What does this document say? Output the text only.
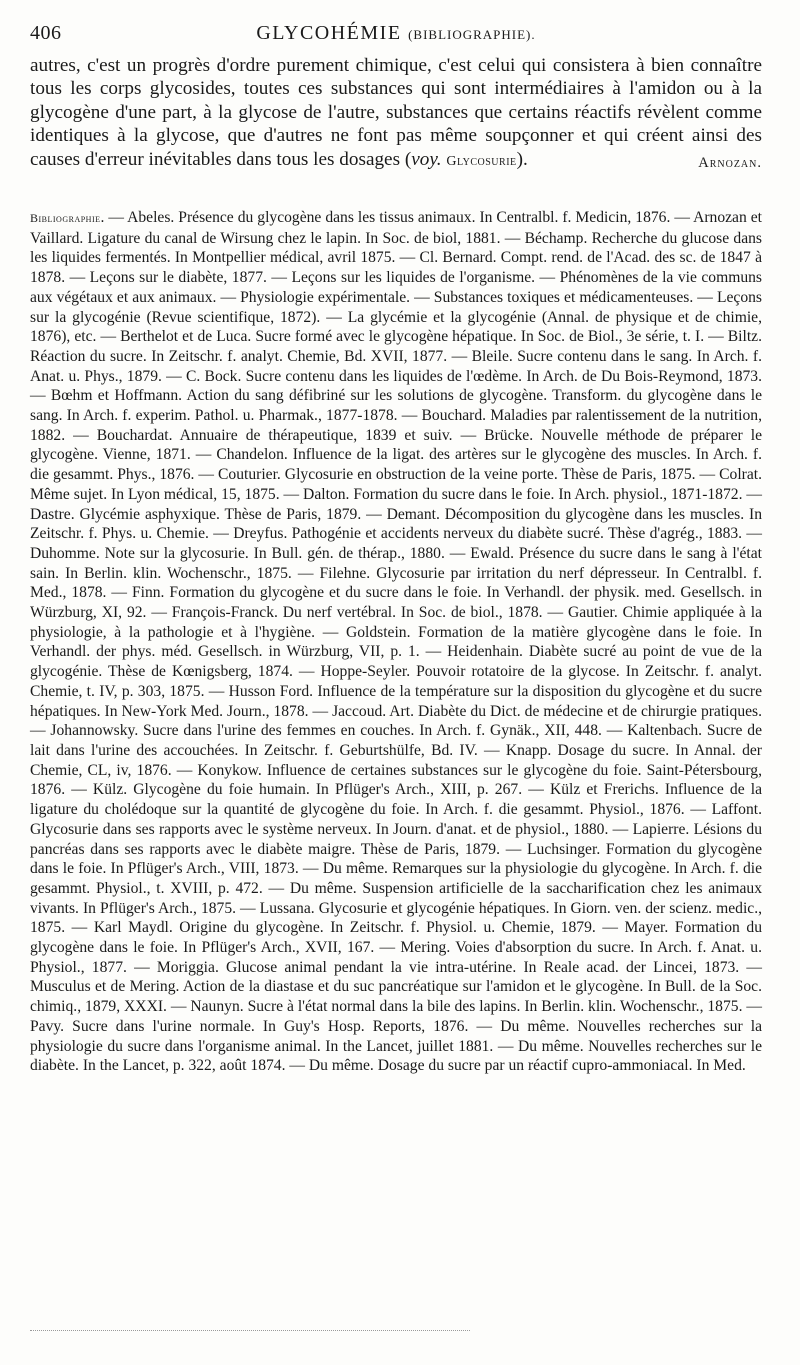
406	GLYCOHÉMIE (BIBLIOGRAPHIE).
autres, c'est un progrès d'ordre purement chimique, c'est celui qui consistera à bien connaître tous les corps glycosides, toutes ces substances qui sont intermédiaires à l'amidon ou à la glycogène d'une part, à la glycose de l'autre, substances que certains réactifs révèlent comme identiques à la glycose, que d'autres ne font pas même soupçonner et qui créent ainsi des causes d'erreur inévitables dans tous les dosages (voy. Glycosurie).	Arnozan.

Bibliographie. — Abeles. Présence du glycogène dans les tissus animaux. In Centralbl. f. Medicin, 1876. — Arnozan et Vaillard. Ligature du canal de Wirsung chez le lapin. In Soc. de biol, 1881. — Béchamp. Recherche du glucose dans les liquides fermentés. In Montpellier médical, avril 1875. — Cl. Bernard. Compt. rend. de l'Acad. des sc. de 1847 à 1878. — Leçons sur le diabète, 1877. — Leçons sur les liquides de l'organisme. — Phénomènes de la vie communs aux végétaux et aux animaux. — Physiologie expérimentale. — Substances toxiques et médicamenteuses. — Leçons sur la glycogénie (Revue scientifique, 1872). — La glycémie et la glycogénie (Annal. de physique et de chimie, 1876), etc. — Berthelot et de Luca. Sucre formé avec le glycogène hépatique. In Soc. de Biol., 3e série, t. I. — Biltz. Réaction du sucre. In Zeitschr. f. analyt. Chemie, Bd. XVII, 1877. — Bleile. Sucre contenu dans le sang. In Arch. f. Anat. u. Phys., 1879. — C. Bock. Sucre contenu dans les liquides de l'œdème. In Arch. de Du Bois-Reymond, 1873. — Bœhm et Hoffmann. Action du sang défibriné sur les solutions de glycogène. Transform. du glycogène dans le sang. In Arch. f. experim. Pathol. u. Pharmak., 1877-1878. — Bouchard. Maladies par ralentissement de la nutrition, 1882. — Bouchardat. Annuaire de thérapeutique, 1839 et suiv. — Brücke. Nouvelle méthode de préparer le glycogène. Vienne, 1871. — Chandelon. Influence de la ligat. des artères sur le glycogène des muscles. In Arch. f. die gesammt. Phys., 1876. — Couturier. Glycosurie en obstruction de la veine porte. Thèse de Paris, 1875. — Colrat. Même sujet. In Lyon médical, 15, 1875. — Dalton. Formation du sucre dans le foie. In Arch. physiol., 1871-1872. — Dastre. Glycémie asphyxique. Thèse de Paris, 1879. — Demant. Décomposition du glycogène dans les muscles. In Zeitschr. f. Phys. u. Chemie. — Dreyfus. Pathogénie et accidents nerveux du diabète sucré. Thèse d'agrég., 1883. — Duhomme. Note sur la glycosurie. In Bull. gén. de thérap., 1880. — Ewald. Présence du sucre dans le sang à l'état sain. In Berlin. klin. Wochenschr., 1875. — Filehne. Glycosurie par irritation du nerf dépresseur. In Centralbl. f. Med., 1878. — Finn. Formation du glycogène et du sucre dans le foie. In Verhandl. der physik. med. Gesellsch. in Würzburg, XI, 92. — François-Franck. Du nerf vertébral. In Soc. de biol., 1878. — Gautier. Chimie appliquée à la physiologie, à la pathologie et à l'hygiène. — Goldstein. Formation de la matière glycogène dans le foie. In Verhandl. der phys. méd. Gesellsch. in Würzburg, VII, p. 1. — Heidenhain. Diabète sucré au point de vue de la glycogénie. Thèse de Kœnigsberg, 1874. — Hoppe-Seyler. Pouvoir rotatoire de la glycose. In Zeitschr. f. analyt. Chemie, t. IV, p. 303, 1875. — Husson Ford. Influence de la température sur la disposition du glycogène et du sucre hépatiques. In New-York Med. Journ., 1878. — Jaccoud. Art. Diabète du Dict. de médecine et de chirurgie pratiques. — Johannowsky. Sucre dans l'urine des femmes en couches. In Arch. f. Gynäk., XII, 448. — Kaltenbach. Sucre de lait dans l'urine des accouchées. In Zeitschr. f. Geburtshülfe, Bd. IV. — Knapp. Dosage du sucre. In Annal. der Chemie, CL, iv, 1876. — Konykow. Influence de certaines substances sur le glycogène du foie. Saint-Pétersbourg, 1876. — Külz. Glycogène du foie humain. In Pflüger's Arch., XIII, p. 267. — Külz et Frerichs. Influence de la ligature du cholédoque sur la quantité de glycogène du foie. In Arch. f. die gesammt. Physiol., 1876. — Laffont. Glycosurie dans ses rapports avec le système nerveux. In Journ. d'anat. et de physiol., 1880. — Lapierre. Lésions du pancréas dans ses rapports avec le diabète maigre. Thèse de Paris, 1879. — Luchsinger. Formation du glycogène dans le foie. In Pflüger's Arch., VIII, 1873. — Du même. Remarques sur la physiologie du glycogène. In Arch. f. die gesammt. Physiol., t. XVIII, p. 472. — Du même. Suspension artificielle de la saccharification chez les animaux vivants. In Pflüger's Arch., 1875. — Lussana. Glycosurie et glycogénie hépatiques. In Giorn. ven. der scienz. medic., 1875. — Karl Maydl. Origine du glycogène. In Zeitschr. f. Physiol. u. Chemie, 1879. — Mayer. Formation du glycogène dans le foie. In Pflüger's Arch., XVII, 167. — Mering. Voies d'absorption du sucre. In Arch. f. Anat. u. Physiol., 1877. — Moriggia. Glucose animal pendant la vie intra-utérine. In Reale acad. der Lincei, 1873. — Musculus et de Mering. Action de la diastase et du suc pancréatique sur l'amidon et le glycogène. In Bull. de la Soc. chimiq., 1879, XXXI. — Naunyn. Sucre à l'état normal dans la bile des lapins. In Berlin. klin. Wochenschr., 1875. — Pavy. Sucre dans l'urine normale. In Guy's Hosp. Reports, 1876. — Du même. Nouvelles recherches sur la physiologie du sucre dans l'organisme animal. In the Lancet, juillet 1881. — Du même. Nouvelles recherches sur le diabète. In the Lancet, p. 322, août 1874. — Du même. Dosage du sucre par un réactif cupro-ammoniacal. In Med.
